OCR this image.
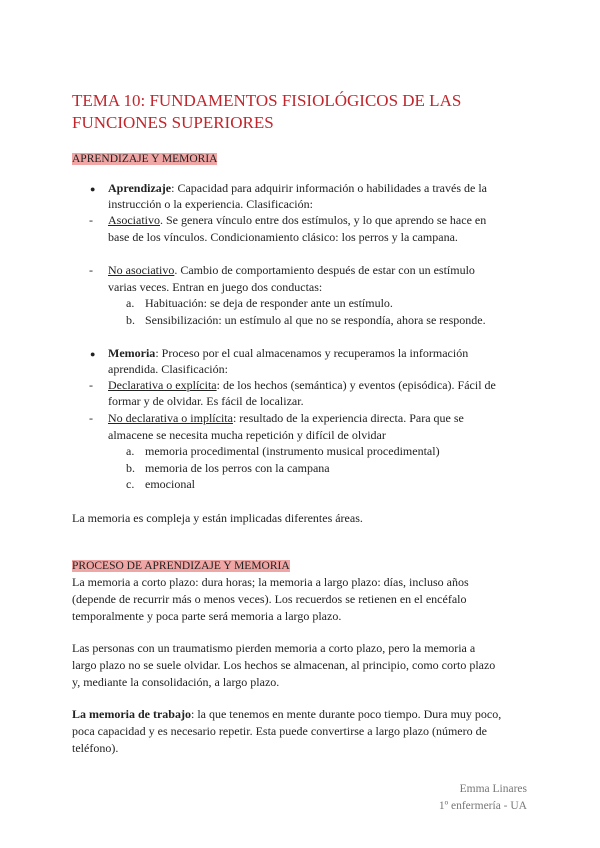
TEMA 10: FUNDAMENTOS FISIOLÓGICOS DE LAS FUNCIONES SUPERIORES
APRENDIZAJE Y MEMORIA
● Aprendizaje: Capacidad para adquirir información o habilidades a través de la
instrucción o la experiencia. Clasificación:
- Asociativo. Se genera vínculo entre dos estímulos, y lo que aprendo se hace en
base de los vínculos. Condicionamiento clásico: los perros y la campana.
- No asociativo. Cambio de comportamiento después de estar con un estímulo
varias veces. Entran en juego dos conductas:
a. Habituación: se deja de responder ante un estímulo.
b. Sensibilización: un estímulo al que no se respondía, ahora se responde.
● Memoria: Proceso por el cual almacenamos y recuperamos la información
aprendida. Clasificación:
- Declarativa o explícita: de los hechos (semántica) y eventos (episódica). Fácil de
formar y de olvidar. Es fácil de localizar.
- No declarativa o implícita: resultado de la experiencia directa. Para que se
almacene se necesita mucha repetición y difícil de olvidar
a. memoria procedimental (instrumento musical procedimental)
b. memoria de los perros con la campana
c. emocional
La memoria es compleja y están implicadas diferentes áreas.
PROCESO DE APRENDIZAJE Y MEMORIA
La memoria a corto plazo: dura horas; la memoria a largo plazo: días, incluso años
(depende de recurrir más o menos veces). Los recuerdos se retienen en el encéfalo
temporalmente y poca parte será memoria a largo plazo.
Las personas con un traumatismo pierden memoria a corto plazo, pero la memoria a
largo plazo no se suele olvidar. Los hechos se almacenan, al principio, como corto plazo
y, mediante la consolidación, a largo plazo.
La memoria de trabajo: la que tenemos en mente durante poco tiempo. Dura muy poco,
poca capacidad y es necesario repetir. Esta puede convertirse a largo plazo (número de
teléfono).
Emma Linares
1º enfermería - UA
